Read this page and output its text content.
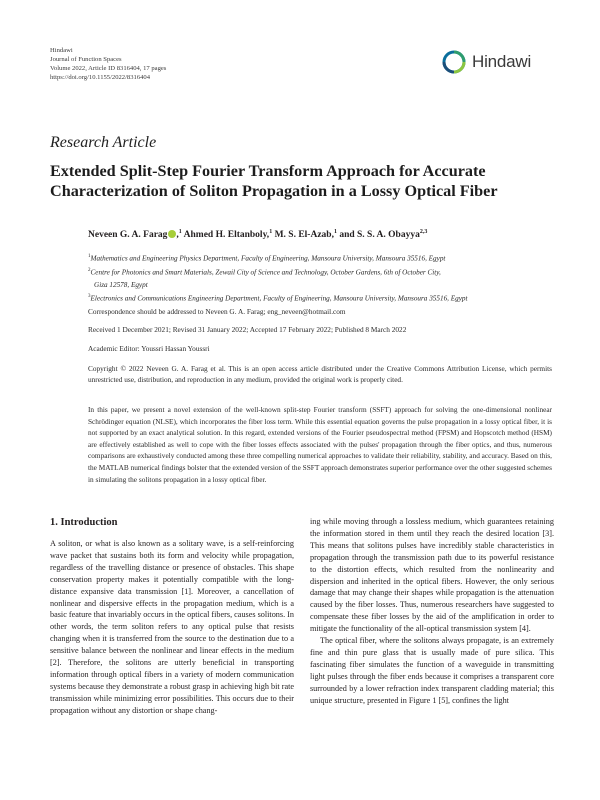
Hindawi
Journal of Function Spaces
Volume 2022, Article ID 8316404, 17 pages
https://doi.org/10.1155/2022/8316404
Hindawi
Research Article
Extended Split-Step Fourier Transform Approach for Accurate
Characterization of Soliton Propagation in a Lossy Optical Fiber
Neveen G. A. Farag ,$^1$ Ahmed H. Eltanboly,$^1$ M. S. El-Azab,$^1$ and S. S. A. Obayya$^{2,3}$
$^1$Mathematics and Engineering Physics Department, Faculty of Engineering, Mansoura University, Mansoura 35516, Egypt
$^2$Centre for Photonics and Smart Materials, Zewail City of Science and Technology, October Gardens, 6th of October City,
Giza 12578, Egypt
$^3$Electronics and Communications Engineering Department, Faculty of Engineering, Mansoura University, Mansoura 35516, Egypt
Correspondence should be addressed to Neveen G. A. Farag; eng_neveen@hotmail.com
Received 1 December 2021; Revised 31 January 2022; Accepted 17 February 2022; Published 8 March 2022
Academic Editor: Youssri Hassan Youssri
Copyright © 2022 Neveen G. A. Farag et al. This is an open access article distributed under the Creative Commons Attribution License, which permits unrestricted use, distribution, and reproduction in any medium, provided the original work is properly cited.
In this paper, we present a novel extension of the well-known split-step Fourier transform (SSFT) approach for solving the one-dimensional nonlinear Schrödinger equation (NLSE), which incorporates the fiber loss term. While this essential equation governs the pulse propagation in a lossy optical fiber, it is not supported by an exact analytical solution. In this regard, extended versions of the Fourier pseudospectral method (FPSM) and Hopscotch method (HSM) are effectively established as well to cope with the fiber losses effects associated with the pulses' propagation through the fiber optics, and thus, numerous comparisons are exhaustively conducted among these three compelling numerical approaches to validate their reliability, stability, and accuracy. Based on this, the MATLAB numerical findings bolster that the extended version of the SSFT approach demonstrates superior performance over the other suggested schemes in simulating the solitons propagation in a lossy optical fiber.
1. Introduction

A soliton, or what is also known as a solitary wave, is a self-reinforcing wave packet that sustains both its form and velocity while propagation, regardless of the travelling distance or presence of obstacles. This shape conservation property makes it potentially compatible with the long-distance expansive data transmission [1]. Moreover, a cancellation of nonlinear and dispersive effects in the propagation medium, which is a basic feature that invariably occurs in the optical fibers, causes solitons. In other words, the term soliton refers to any optical pulse that resists changing when it is transferred from the source to the destination due to a sensitive balance between the nonlinear and linear effects in the medium [2]. Therefore, the solitons are utterly beneficial in transporting information through optical fibers in a variety of modern communication systems because they demonstrate a robust grasp in achieving high bit rate transmission while minimizing error possibilities. This occurs due to their propagation without any distortion or shape chang-

ing while moving through a lossless medium, which guarantees retaining the information stored in them until they reach the desired location [3]. This means that solitons pulses have incredibly stable characteristics in propagation through the transmission path due to its powerful resistance to the distortion effects, which resulted from the nonlinearity and dispersion and inherited in the optical fibers. However, the only serious damage that may change their shapes while propagation is the attenuation caused by the fiber losses. Thus, numerous researchers have suggested to compensate these fiber losses by the aid of the amplification in order to mitigate the functionality of the all-optical transmission system [4].

The optical fiber, where the solitons always propagate, is an extremely fine and thin pure glass that is usually made of pure silica. This fascinating fiber simulates the function of a waveguide in transmitting light pulses through the fiber ends because it comprises a transparent core surrounded by a lower refraction index transparent cladding material; this unique structure, presented in Figure 1 [5], confines the light
